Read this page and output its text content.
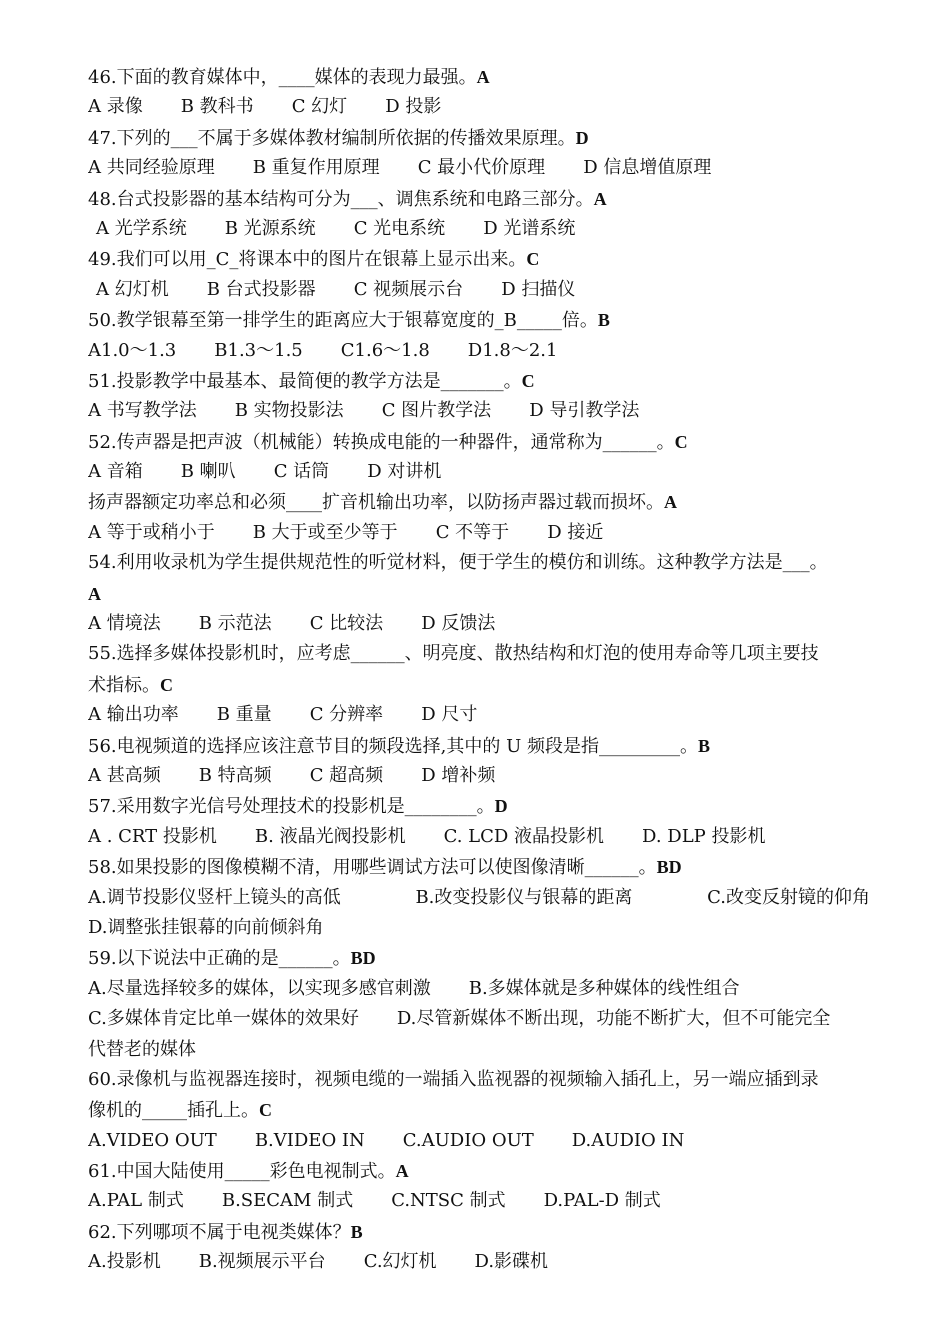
46.下面的教育媒体中，____媒体的表现力最强。A
A 录像 B 教科书 C 幻灯 D 投影
47.下列的___不属于多媒体教材编制所依据的传播效果原理。D
A 共同经验原理 B 重复作用原理 C 最小代价原理 D 信息增值原理
48.台式投影器的基本结构可分为___、调焦系统和电路三部分。A
A 光学系统 B 光源系统 C 光电系统 D 光谱系统
49.我们可以用_C_将课本中的图片在银幕上显示出来。C
A 幻灯机 B 台式投影器 C 视频展示台 D 扫描仪
50.教学银幕至第一排学生的距离应大于银幕宽度的_B_____倍。B
A1.0～1.3 B1.3～1.5 C1.6～1.8 D1.8～2.1
51.投影教学中最基本、最简便的教学方法是_______。C
A 书写教学法 B 实物投影法 C 图片教学法 D 导引教学法
52.传声器是把声波（机械能）转换成电能的一种器件，通常称为______。C
A 音箱 B 喇叭 C 话筒 D 对讲机
扬声器额定功率总和必须____扩音机输出功率，以防扬声器过载而损坏。A
A 等于或稍小于 B 大于或至少等于 C 不等于 D 接近
54.利用收录机为学生提供规范性的听觉材料，便于学生的模仿和训练。这种教学方法是___。
A
A 情境法 B 示范法 C 比较法 D 反馈法
55.选择多媒体投影机时，应考虑______、明亮度、散热结构和灯泡的使用寿命等几项主要技
术指标。C
A 输出功率 B 重量 C 分辨率 D 尺寸
56.电视频道的选择应该注意节目的频段选择,其中的 U 频段是指_________。B
A 甚高频 B 特高频 C 超高频 D 增补频
57.采用数字光信号处理技术的投影机是________。D
A . CRT 投影机 B. 液晶光阀投影机 C. LCD 液晶投影机 D. DLP 投影机
58.如果投影的图像模糊不清，用哪些调试方法可以使图像清晰______。BD
A.调节投影仪竖杆上镜头的高低	B.改变投影仪与银幕的距离	C.改变反射镜的仰角
D.调整张挂银幕的向前倾斜角
59.以下说法中正确的是______。BD
A.尽量选择较多的媒体，以实现多感官刺激 B.多媒体就是多种媒体的线性组合
C.多媒体肯定比单一媒体的效果好 D.尽管新媒体不断出现，功能不断扩大，但不可能完全
代替老的媒体
60.录像机与监视器连接时，视频电缆的一端插入监视器的视频输入插孔上，另一端应插到录
像机的_____插孔上。C
A.VIDEO OUT B.VIDEO IN C.AUDIO OUT D.AUDIO IN
61.中国大陆使用_____彩色电视制式。A
A.PAL 制式 B.SECAM 制式 C.NTSC 制式 D.PAL-D 制式
62.下列哪项不属于电视类媒体？B
A.投影机 B.视频展示平台 C.幻灯机 D.影碟机
